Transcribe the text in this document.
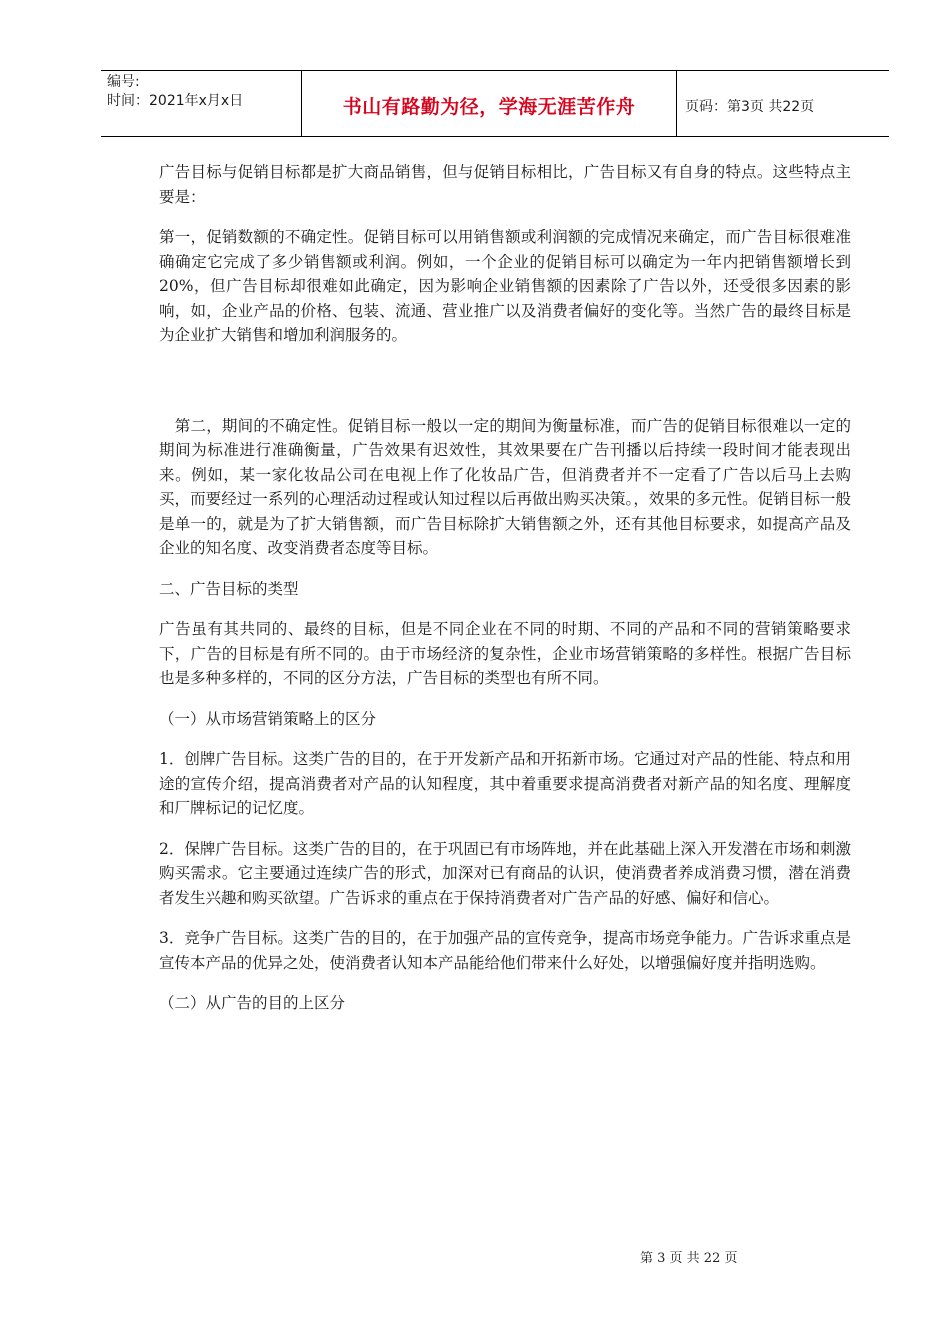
编号:
时间：2021年x月x日	书山有路勤为径，学海无涯苦作舟	页码：第3页 共22页

广告目标与促销目标都是扩大商品销售，但与促销目标相比，广告目标又有自身的特点。这些特点主要是：

第一，促销数额的不确定性。促销目标可以用销售额或利润额的完成情况来确定，而广告目标很难准确确定它完成了多少销售额或利润。例如，一个企业的促销目标可以确定为一年内把销售额增长到20%，但广告目标却很难如此确定，因为影响企业销售额的因素除了广告以外，还受很多因素的影响，如，企业产品的价格、包装、流通、营业推广以及消费者偏好的变化等。当然广告的最终目标是为企业扩大销售和增加利润服务的。

　第二，期间的不确定性。促销目标一般以一定的期间为衡量标准，而广告的促销目标很难以一定的期间为标准进行准确衡量，广告效果有迟效性，其效果要在广告刊播以后持续一段时间才能表现出来。例如，某一家化妆品公司在电视上作了化妆品广告，但消费者并不一定看了广告以后马上去购买，而要经过一系列的心理活动过程或认知过程以后再做出购买决策。，效果的多元性。促销目标一般是单一的，就是为了扩大销售额，而广告目标除扩大销售额之外，还有其他目标要求，如提高产品及企业的知名度、改变消费者态度等目标。

二、广告目标的类型

广告虽有其共同的、最终的目标，但是不同企业在不同的时期、不同的产品和不同的营销策略要求下，广告的目标是有所不同的。由于市场经济的复杂性，企业市场营销策略的多样性。根据广告目标也是多种多样的，不同的区分方法，广告目标的类型也有所不同。

（一）从市场营销策略上的区分

1．创牌广告目标。这类广告的目的，在于开发新产品和开拓新市场。它通过对产品的性能、特点和用途的宣传介绍，提高消费者对产品的认知程度，其中着重要求提高消费者对新产品的知名度、理解度和厂牌标记的记忆度。

2．保牌广告目标。这类广告的目的，在于巩固已有市场阵地，并在此基础上深入开发潜在市场和刺激购买需求。它主要通过连续广告的形式，加深对已有商品的认识，使消费者养成消费习惯，潜在消费者发生兴趣和购买欲望。广告诉求的重点在于保持消费者对广告产品的好感、偏好和信心。

3．竞争广告目标。这类广告的目的，在于加强产品的宣传竞争，提高市场竞争能力。广告诉求重点是宣传本产品的优异之处，使消费者认知本产品能给他们带来什么好处，以增强偏好度并指明选购。

（二）从广告的目的上区分

第 3 页 共 22 页
